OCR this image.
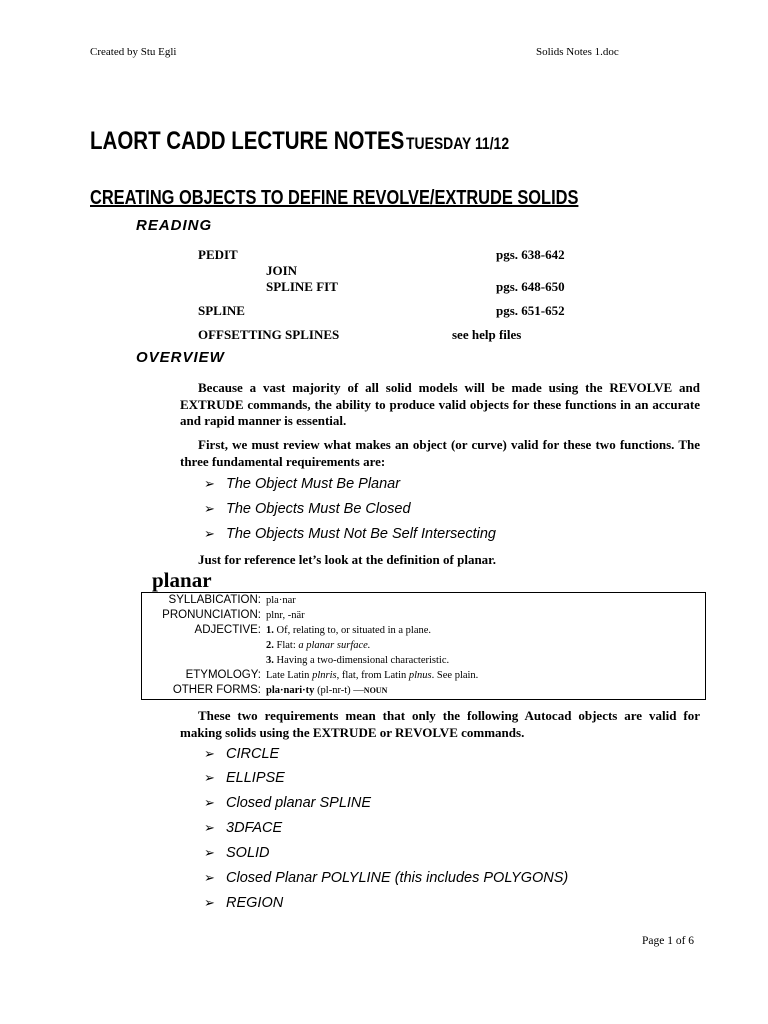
Created by Stu Egli	Solids Notes 1.doc
LAORT CADD LECTURE NOTES TUESDAY 11/12
CREATING OBJECTS TO DEFINE REVOLVE/EXTRUDE SOLIDS
READING
PEDIT	pgs. 638-642
JOIN
SPLINE FIT	pgs. 648-650
SPLINE	pgs. 651-652
OFFSETTING SPLINES	see help files
OVERVIEW
Because a vast majority of all solid models will be made using the REVOLVE and EXTRUDE commands, the ability to produce valid objects for these functions in an accurate and rapid manner is essential.
First, we must review what makes an object (or curve) valid for these two functions. The three fundamental requirements are:
➢ The Object Must Be Planar
➢ The Objects Must Be Closed
➢ The Objects Must Not Be Self Intersecting
Just for reference let’s look at the definition of planar.
planar
SYLLABICATION: pla·nar
PRONUNCIATION: plnr, -när
ADJECTIVE: 1. Of, relating to, or situated in a plane.
2. Flat: a planar surface.
3. Having a two-dimensional characteristic.
ETYMOLOGY: Late Latin plnris, flat, from Latin plnus. See plain.
OTHER FORMS: pla·nari·ty (pl-nr-t) —NOUN
These two requirements mean that only the following Autocad objects are valid for making solids using the EXTRUDE or REVOLVE commands.
➢ CIRCLE
➢ ELLIPSE
➢ Closed planar SPLINE
➢ 3DFACE
➢ SOLID
➢ Closed Planar POLYLINE (this includes POLYGONS)
➢ REGION
Page 1 of 6
